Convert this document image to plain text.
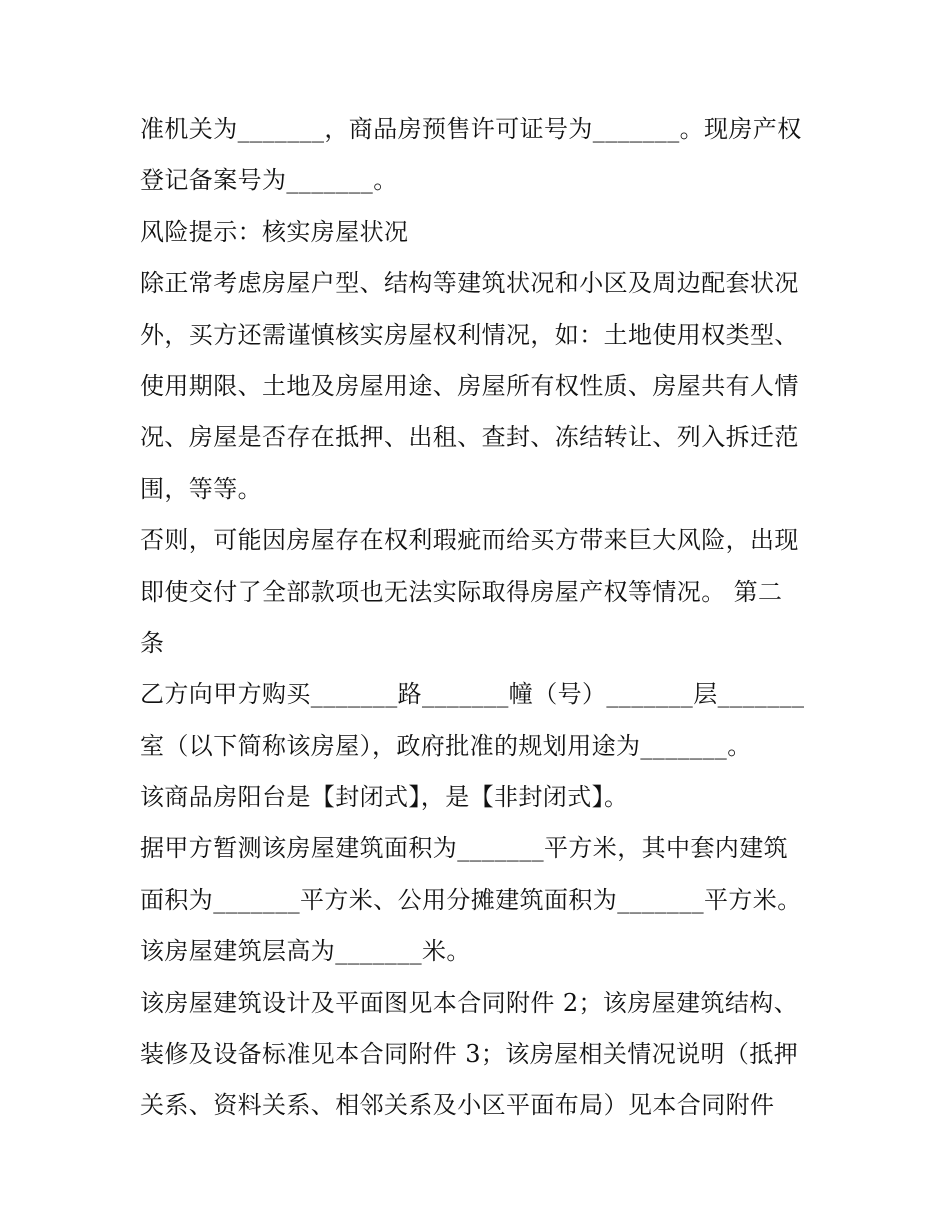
准机关为_______，商品房预售许可证号为_______。现房产权
登记备案号为_______。
风险提示：核实房屋状况
除正常考虑房屋户型、结构等建筑状况和小区及周边配套状况
外，买方还需谨慎核实房屋权利情况，如：土地使用权类型、
使用期限、土地及房屋用途、房屋所有权性质、房屋共有人情
况、房屋是否存在抵押、出租、查封、冻结转让、列入拆迁范
围，等等。
否则，可能因房屋存在权利瑕疵而给买方带来巨大风险，出现
即使交付了全部款项也无法实际取得房屋产权等情况。 第二
条
乙方向甲方购买_______路_______幢（号）_______层_______
室（以下简称该房屋），政府批准的规划用途为_______。
该商品房阳台是【封闭式】，是【非封闭式】。
据甲方暂测该房屋建筑面积为_______平方米，其中套内建筑
面积为_______平方米、公用分摊建筑面积为_______平方米。
该房屋建筑层高为_______米。
该房屋建筑设计及平面图见本合同附件 2；该房屋建筑结构、
装修及设备标准见本合同附件 3；该房屋相关情况说明（抵押
关系、资料关系、相邻关系及小区平面布局）见本合同附件
